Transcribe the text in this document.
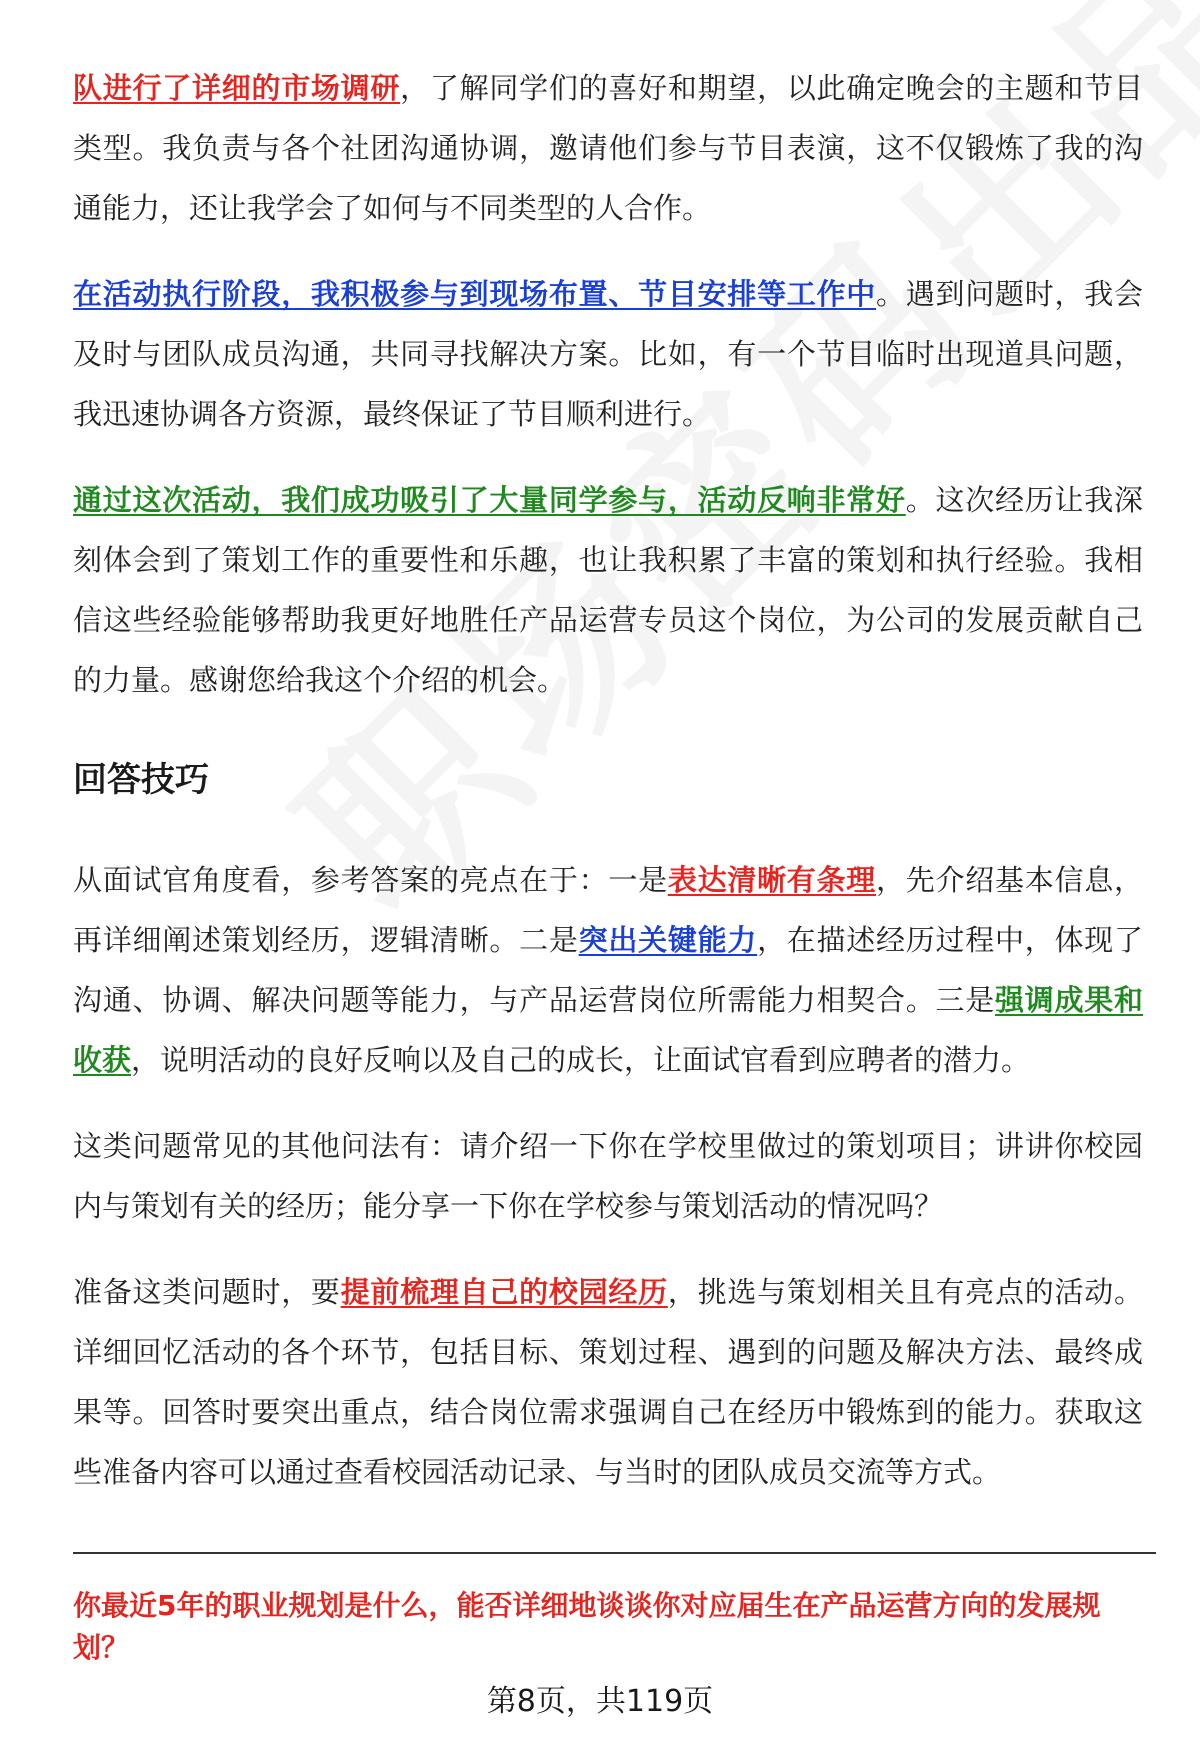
队进行了详细的市场调研，了解同学们的喜好和期望，以此确定晚会的主题和节目类型。我负责与各个社团沟通协调，邀请他们参与节目表演，这不仅锻炼了我的沟通能力，还让我学会了如何与不同类型的人合作。

在活动执行阶段，我积极参与到现场布置、节目安排等工作中。遇到问题时，我会及时与团队成员沟通，共同寻找解决方案。比如，有一个节目临时出现道具问题，我迅速协调各方资源，最终保证了节目顺利进行。

通过这次活动，我们成功吸引了大量同学参与，活动反响非常好。这次经历让我深刻体会到了策划工作的重要性和乐趣，也让我积累了丰富的策划和执行经验。我相信这些经验能够帮助我更好地胜任产品运营专员这个岗位，为公司的发展贡献自己的力量。感谢您给我这个介绍的机会。

回答技巧

从面试官角度看，参考答案的亮点在于：一是表达清晰有条理，先介绍基本信息，再详细阐述策划经历，逻辑清晰。二是突出关键能力，在描述经历过程中，体现了沟通、协调、解决问题等能力，与产品运营岗位所需能力相契合。三是强调成果和收获，说明活动的良好反响以及自己的成长，让面试官看到应聘者的潜力。

这类问题常见的其他问法有：请介绍一下你在学校里做过的策划项目；讲讲你校园内与策划有关的经历；能分享一下你在学校参与策划活动的情况吗？

准备这类问题时，要提前梳理自己的校园经历，挑选与策划相关且有亮点的活动。详细回忆活动的各个环节，包括目标、策划过程、遇到的问题及解决方法、最终成果等。回答时要突出重点，结合岗位需求强调自己在经历中锻炼到的能力。获取这些准备内容可以通过查看校园活动记录、与当时的团队成员交流等方式。

你最近5年的职业规划是什么，能否详细地谈谈你对应届生在产品运营方向的发展规划？
第8页，共119页
